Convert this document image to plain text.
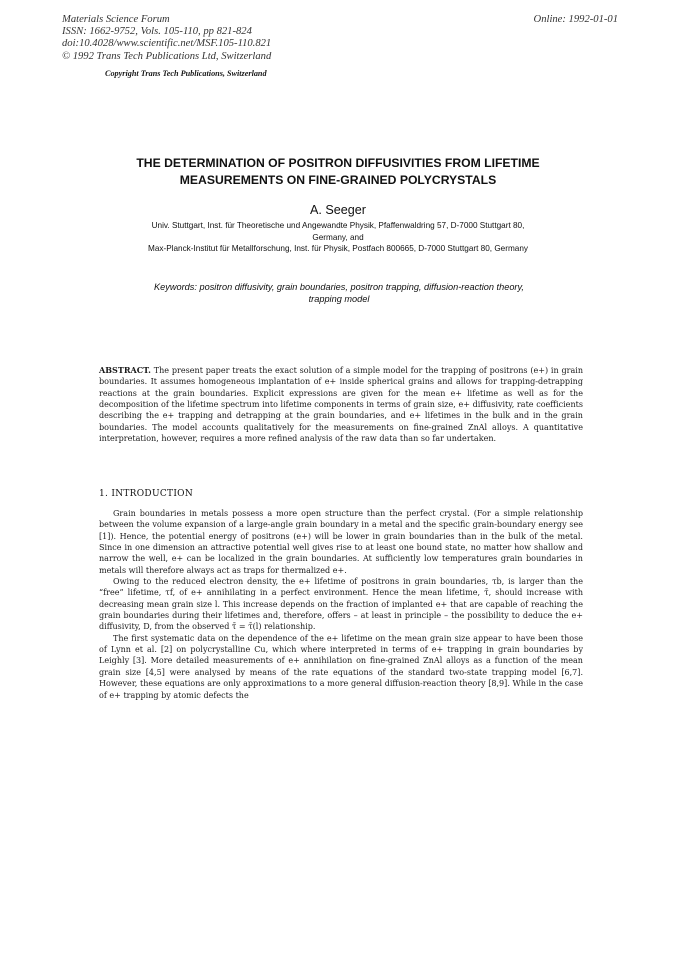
Materials Science Forum
ISSN: 1662-9752, Vols. 105-110, pp 821-824
doi:10.4028/www.scientific.net/MSF.105-110.821
© 1992 Trans Tech Publications Ltd, Switzerland
Online: 1992-01-01
Copyright Trans Tech Publications, Switzerland
THE DETERMINATION OF POSITRON DIFFUSIVITIES FROM LIFETIME
MEASUREMENTS ON FINE-GRAINED POLYCRYSTALS
A. Seeger
Univ. Stuttgart, Inst. für Theoretische und Angewandte Physik, Pfaffenwaldring 57, D-7000 Stuttgart 80,
Germany, and
Max-Planck-Institut für Metallforschung, Inst. für Physik, Postfach 800665, D-7000 Stuttgart 80, Germany
Keywords: positron diffusivity, grain boundaries, positron trapping, diffusion-reaction theory,
trapping model
ABSTRACT. The present paper treats the exact solution of a simple model for the trapping of positrons (e+) in grain boundaries. It assumes homogeneous implantation of e+ inside spherical grains and allows for trapping-detrapping reactions at the grain boundaries. Explicit expressions are given for the mean e+ lifetime as well as for the decomposition of the lifetime spectrum into lifetime components in terms of grain size, e+ diffusivity, rate coefficients describing the e+ trapping and detrapping at the grain boundaries, and e+ lifetimes in the bulk and in the grain boundaries. The model accounts qualitatively for the measurements on fine-grained ZnAl alloys. A quantitative interpretation, however, requires a more refined analysis of the raw data than so far undertaken.
1. INTRODUCTION

Grain boundaries in metals possess a more open structure than the perfect crystal. (For a simple relationship between the volume expansion of a large-angle grain boundary in a metal and the specific grain-boundary energy see [1]). Hence, the potential energy of positrons (e+) will be lower in grain boundaries than in the bulk of the metal. Since in one dimension an attractive potential well gives rise to at least one bound state, no matter how shallow and narrow the well, e+ can be localized in the grain boundaries. At sufficiently low temperatures grain boundaries in metals will therefore always act as traps for thermalized e+.

Owing to the reduced electron density, the e+ lifetime of positrons in grain boundaries, τb, is larger than the “free” lifetime, τf, of e+ annihilating in a perfect environment. Hence the mean lifetime, τ̄, should increase with decreasing mean grain size l. This increase depends on the fraction of implanted e+ that are capable of reaching the grain boundaries during their lifetimes and, therefore, offers – at least in principle – the possibility to deduce the e+ diffusivity, D, from the observed τ̄ = τ̄(l) relationship.

The first systematic data on the dependence of the e+ lifetime on the mean grain size appear to have been those of Lynn et al. [2] on polycrystalline Cu, which where interpreted in terms of e+ trapping in grain boundaries by Leighly [3]. More detailed measurements of e+ annihilation on fine-grained ZnAl alloys as a function of the mean grain size [4,5] were analysed by means of the rate equations of the standard two-state trapping model [6,7]. However, these equations are only approximations to a more general diffusion-reaction theory [8,9]. While in the case of e+ trapping by atomic defects the
